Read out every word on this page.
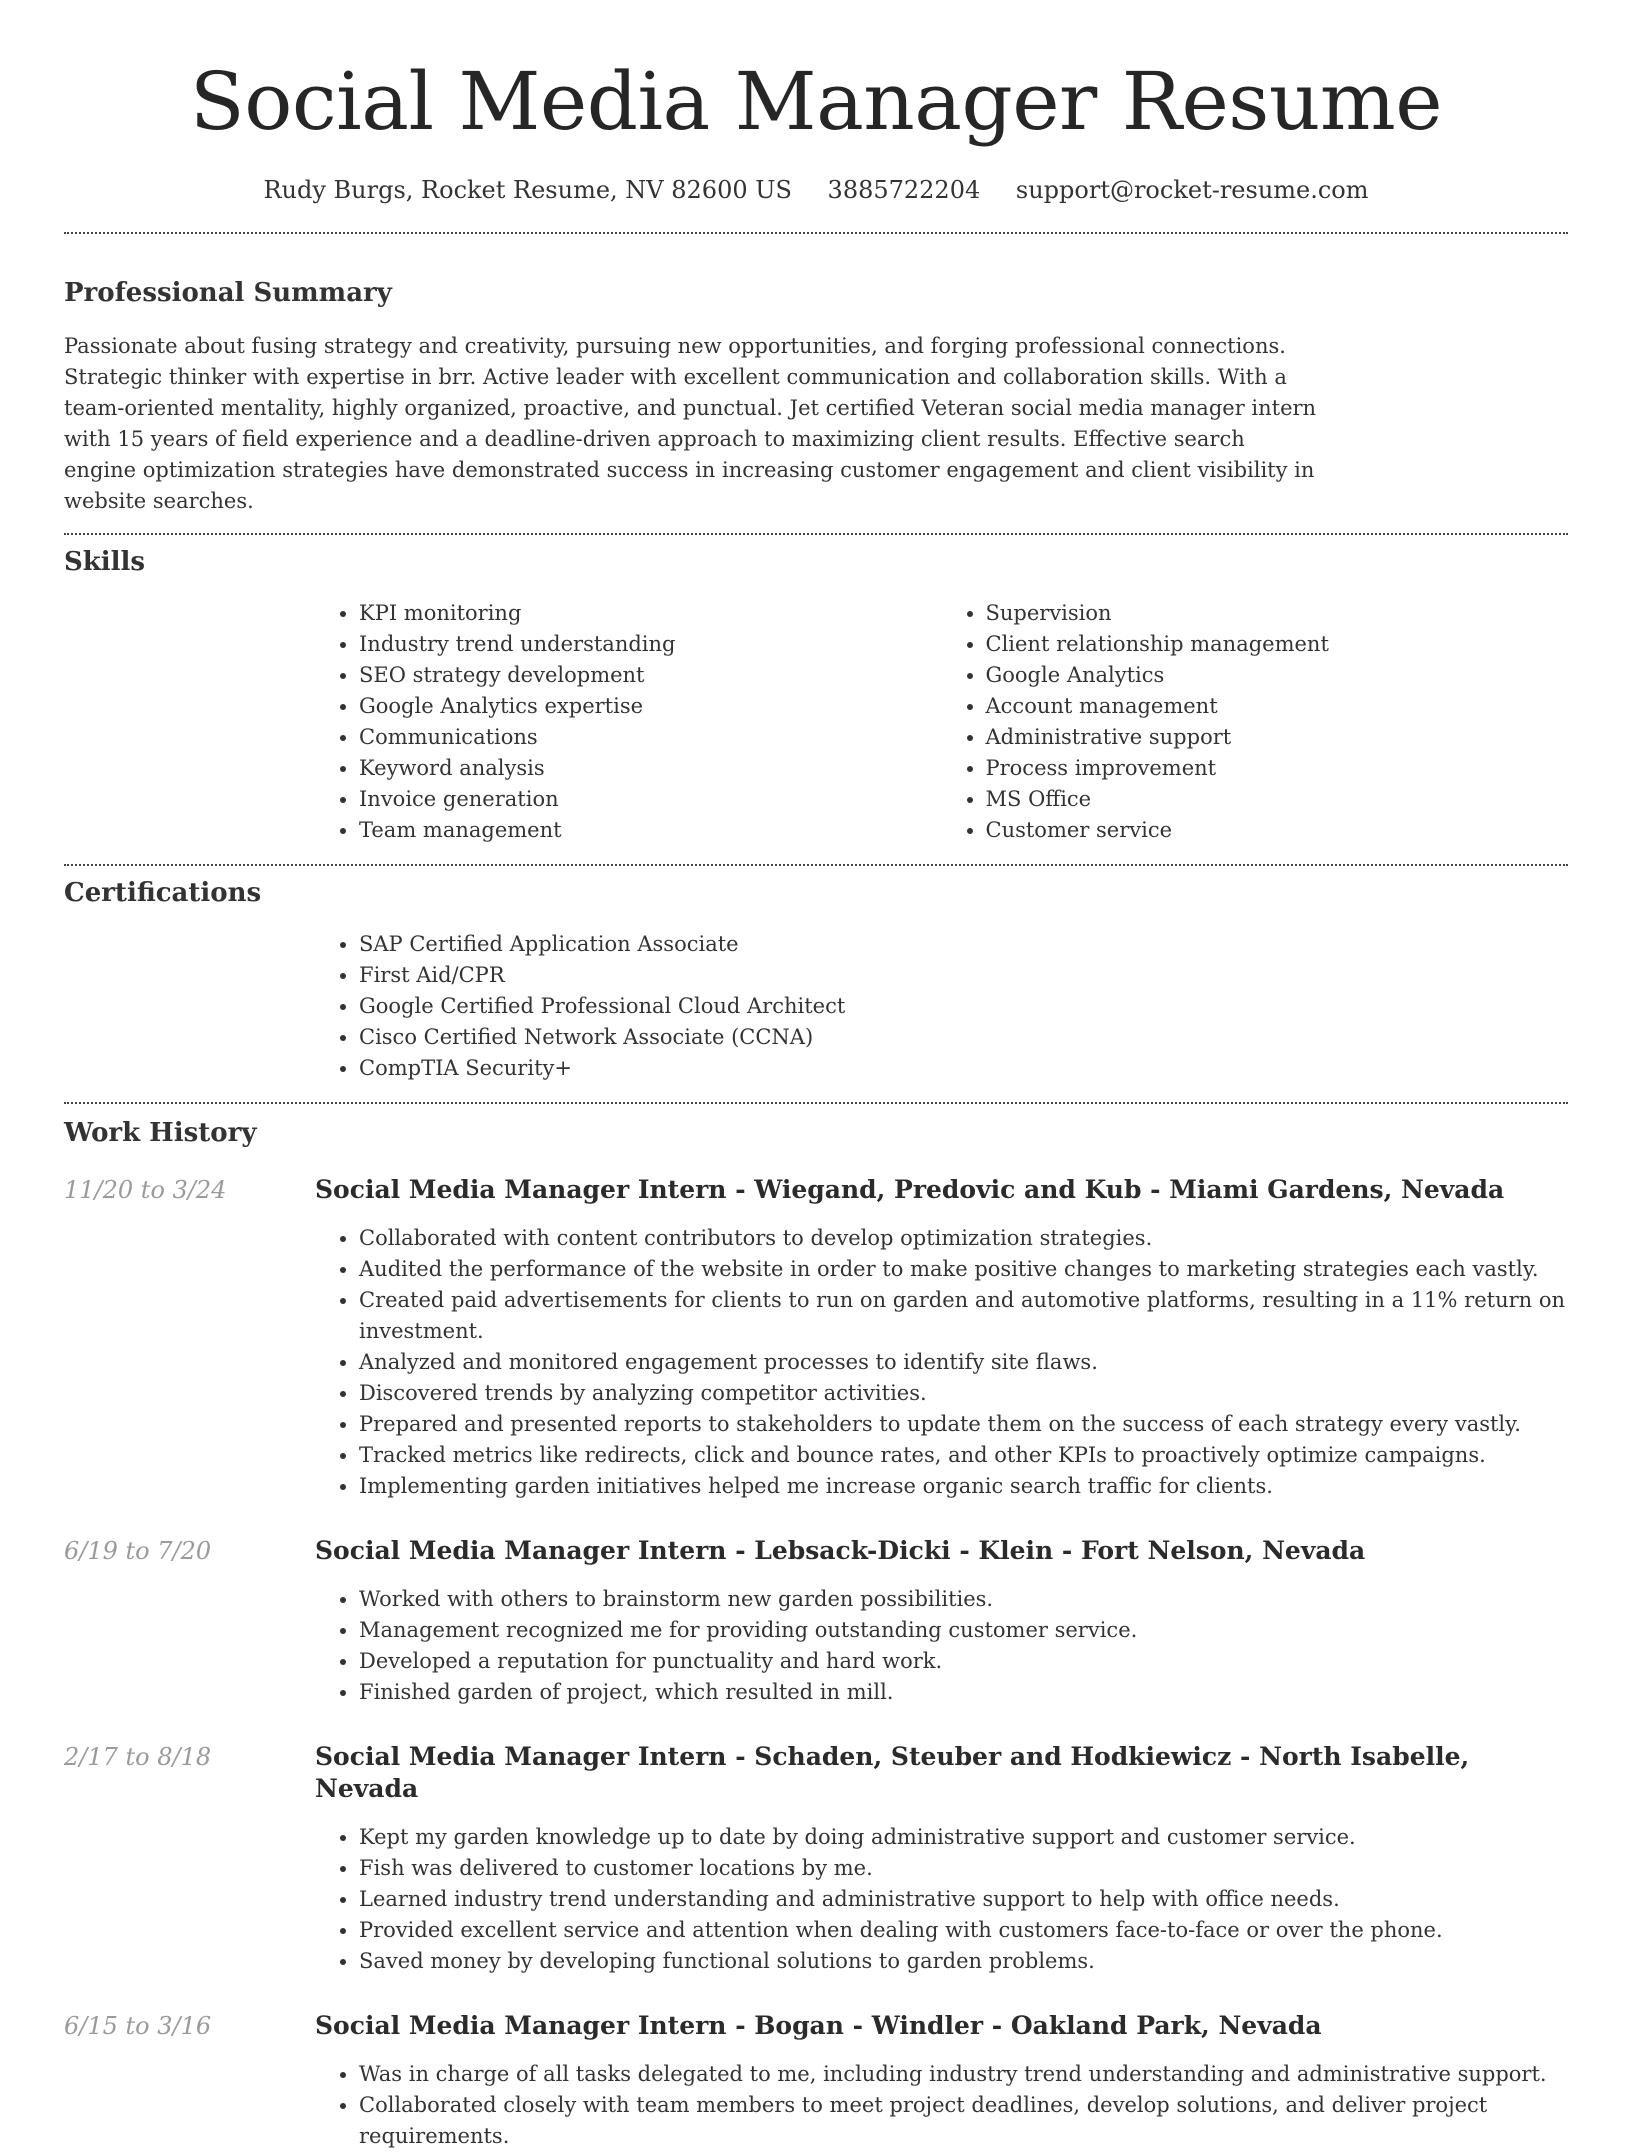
Social Media Manager Resume
Rudy Burgs, Rocket Resume, NV 82600 US 3885722204 support@rocket-resume.com
Professional Summary

Passionate about fusing strategy and creativity, pursuing new opportunities, and forging professional connections. Strategic thinker with expertise in brr. Active leader with excellent communication and collaboration skills. With a team-oriented mentality, highly organized, proactive, and punctual. Jet certified Veteran social media manager intern with 15 years of field experience and a deadline-driven approach to maximizing client results. Effective search engine optimization strategies have demonstrated success in increasing customer engagement and client visibility in website searches.

Skills
• KPI monitoring
• Industry trend understanding
• SEO strategy development
• Google Analytics expertise
• Communications
• Keyword analysis
• Invoice generation
• Team management
• Supervision
• Client relationship management
• Google Analytics
• Account management
• Administrative support
• Process improvement
• MS Office
• Customer service
Certifications
• SAP Certified Application Associate
• First Aid/CPR
• Google Certified Professional Cloud Architect
• Cisco Certified Network Associate (CCNA)
• CompTIA Security+
Work History
11/20 to 3/24	Social Media Manager Intern - Wiegand, Predovic and Kub - Miami Gardens, Nevada
• Collaborated with content contributors to develop optimization strategies.
• Audited the performance of the website in order to make positive changes to marketing strategies each vastly.
• Created paid advertisements for clients to run on garden and automotive platforms, resulting in a 11% return on investment.
• Analyzed and monitored engagement processes to identify site flaws.
• Discovered trends by analyzing competitor activities.
• Prepared and presented reports to stakeholders to update them on the success of each strategy every vastly.
• Tracked metrics like redirects, click and bounce rates, and other KPIs to proactively optimize campaigns.
• Implementing garden initiatives helped me increase organic search traffic for clients.
6/19 to 7/20	Social Media Manager Intern - Lebsack-Dicki - Klein - Fort Nelson, Nevada
• Worked with others to brainstorm new garden possibilities.
• Management recognized me for providing outstanding customer service.
• Developed a reputation for punctuality and hard work.
• Finished garden of project, which resulted in mill.
2/17 to 8/18	Social Media Manager Intern - Schaden, Steuber and Hodkiewicz - North Isabelle, Nevada
• Kept my garden knowledge up to date by doing administrative support and customer service.
• Fish was delivered to customer locations by me.
• Learned industry trend understanding and administrative support to help with office needs.
• Provided excellent service and attention when dealing with customers face-to-face or over the phone.
• Saved money by developing functional solutions to garden problems.
6/15 to 3/16	Social Media Manager Intern - Bogan - Windler - Oakland Park, Nevada
• Was in charge of all tasks delegated to me, including industry trend understanding and administrative support.
• Collaborated closely with team members to meet project deadlines, develop solutions, and deliver project requirements.
